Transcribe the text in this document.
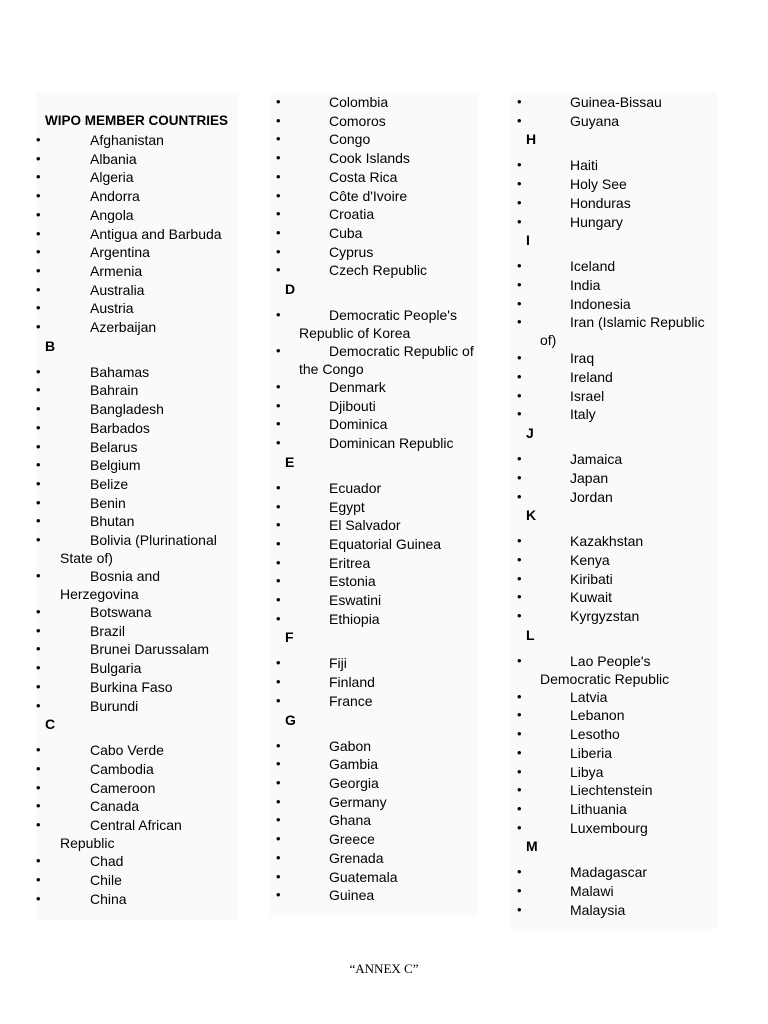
WIPO MEMBER COUNTRIES
• Afghanistan
• Albania
• Algeria
• Andorra
• Angola
• Antigua and Barbuda
• Argentina
• Armenia
• Australia
• Austria
• Azerbaijan
B
• Bahamas
• Bahrain
• Bangladesh
• Barbados
• Belarus
• Belgium
• Belize
• Benin
• Bhutan
• Bolivia (Plurinational State of)
• Bosnia and Herzegovina
• Botswana
• Brazil
• Brunei Darussalam
• Bulgaria
• Burkina Faso
• Burundi
C
• Cabo Verde
• Cambodia
• Cameroon
• Canada
• Central African Republic
• Chad
• Chile
• China
• Colombia
• Comoros
• Congo
• Cook Islands
• Costa Rica
• Côte d'Ivoire
• Croatia
• Cuba
• Cyprus
• Czech Republic
D
• Democratic People's Republic of Korea
• Democratic Republic of the Congo
• Denmark
• Djibouti
• Dominica
• Dominican Republic
E
• Ecuador
• Egypt
• El Salvador
• Equatorial Guinea
• Eritrea
• Estonia
• Eswatini
• Ethiopia
F
• Fiji
• Finland
• France
G
• Gabon
• Gambia
• Georgia
• Germany
• Ghana
• Greece
• Grenada
• Guatemala
• Guinea
• Guinea-Bissau
• Guyana
H
• Haiti
• Holy See
• Honduras
• Hungary
I
• Iceland
• India
• Indonesia
• Iran (Islamic Republic of)
• Iraq
• Ireland
• Israel
• Italy
J
• Jamaica
• Japan
• Jordan
K
• Kazakhstan
• Kenya
• Kiribati
• Kuwait
• Kyrgyzstan
L
• Lao People's Democratic Republic
• Latvia
• Lebanon
• Lesotho
• Liberia
• Libya
• Liechtenstein
• Lithuania
• Luxembourg
M
• Madagascar
• Malawi
• Malaysia
“ANNEX C”
